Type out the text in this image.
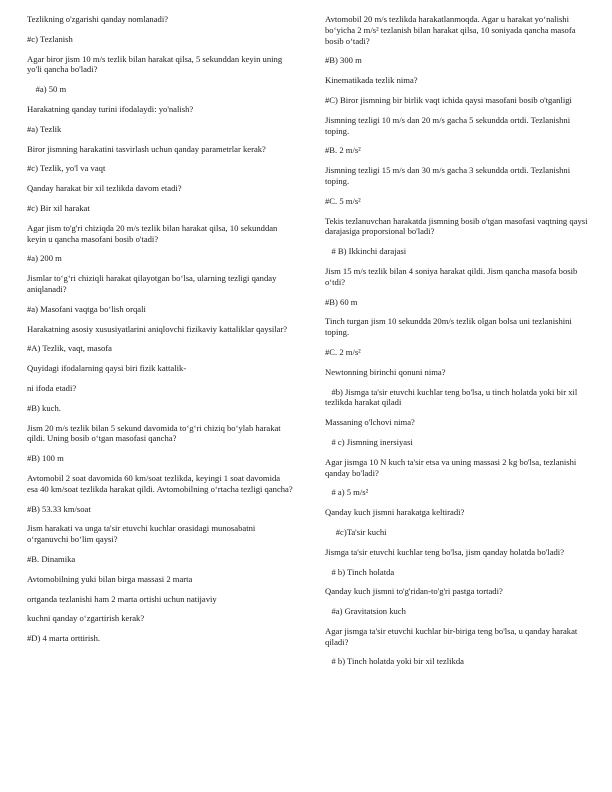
Tezlikning o'zgarishi qanday nomlanadi?

#c) Tezlanish

Agar biror jism 10 m/s tezlik bilan harakat qilsa, 5 sekunddan keyin uning yo'li qancha bo'ladi?

#a) 50 m

Harakatning qanday turini ifodalaydi: yo'nalish?

#a) Tezlik

Biror jismning harakatini tasvirlash uchun qanday parametrlar kerak?

#c) Tezlik, yo'l va vaqt

Qanday harakat bir xil tezlikda davom etadi?

#c) Bir xil harakat

Agar jism to'g'ri chiziqda 20 m/s tezlik bilan harakat qilsa, 10 sekunddan keyin u qancha masofani bosib o'tadi?

#a) 200 m

Jismlar to‘g‘ri chiziqli harakat qilayotgan bo‘lsa, ularning tezligi qanday aniqlanadi?

#a) Masofani vaqtga bo‘lish orqali

Harakatning asosiy xususiyatlarini aniqlovchi fizikaviy kattaliklar qaysilar?

#A) Tezlik, vaqt, masofa

Quyidagi ifodalarning qaysi biri fizik kattalik-

ni ifoda etadi?

#B) kuch.

Jism 20 m/s tezlik bilan 5 sekund davomida to‘g‘ri chiziq bo‘ylab harakat qildi. Uning bosib o‘tgan masofasi qancha?

#B) 100 m

Avtomobil 2 soat davomida 60 km/soat tezlikda, keyingi 1 soat davomida esa 40 km/soat tezlikda harakat qildi. Avtomobilning o‘rtacha tezligi qancha?

#B) 53.33 km/soat

Jism harakati va unga ta'sir etuvchi kuchlar orasidagi munosabatni o‘rganuvchi bo‘lim qaysi?

#B. Dinamika

Avtomobilning yuki bilan birga massasi 2 marta

ortganda tezlanishi ham 2 marta ortishi uchun natijaviy

kuchni qanday o‘zgartirish kerak?

#D) 4 marta orttirish.

Avtomobil 20 m/s tezlikda harakatlanmoqda. Agar u harakat yo‘nalishi bo‘yicha 2 m/s² tezlanish bilan harakat qilsa, 10 soniyada qancha masofa bosib o‘tadi?

#B) 300 m

Kinematikada tezlik nima?

#C) Biror jismning bir birlik vaqt ichida qaysi masofani bosib o'tganligi

Jismning tezligi 10 m/s dan 20 m/s gacha 5 sekundda ortdi. Tezlanishni toping.

#B. 2 m/s²

Jismning tezligi 15 m/s dan 30 m/s gacha 3 sekundda ortdi. Tezlanishni toping.

#C. 5 m/s²

Tekis tezlanuvchan harakatda jismning bosib o'tgan masofasi vaqtning qaysi darajasiga proporsional bo'ladi?

# B) Ikkinchi darajasi

Jism 15 m/s tezlik bilan 4 soniya harakat qildi. Jism qancha masofa bosib o‘tdi?

#B) 60 m

Tinch turgan jism 10 sekundda 20m/s tezlik olgan bolsa uni tezlanishini toping.

#C. 2 m/s²

Newtonning birinchi qonuni nima?

#b) Jismga ta'sir etuvchi kuchlar teng bo'lsa, u tinch holatda yoki bir xil tezlikda harakat qiladi

Massaning o'lchovi nima?

# c) Jismning inersiyasi

Agar jismga 10 N kuch ta'sir etsa va uning massasi 2 kg bo'lsa, tezlanishi qanday bo'ladi?

# a) 5 m/s²

Qanday kuch jismni harakatga keltiradi?

#c)Ta'sir kuchi

Jismga ta'sir etuvchi kuchlar teng bo'lsa, jism qanday holatda bo'ladi?

# b) Tinch holatda

Qanday kuch jismni to'g'ridan-to'g'ri pastga tortadi?

#a) Gravitatsion kuch

Agar jismga ta'sir etuvchi kuchlar bir-biriga teng bo'lsa, u qanday harakat qiladi?

# b) Tinch holatda yoki bir xil tezlikda
